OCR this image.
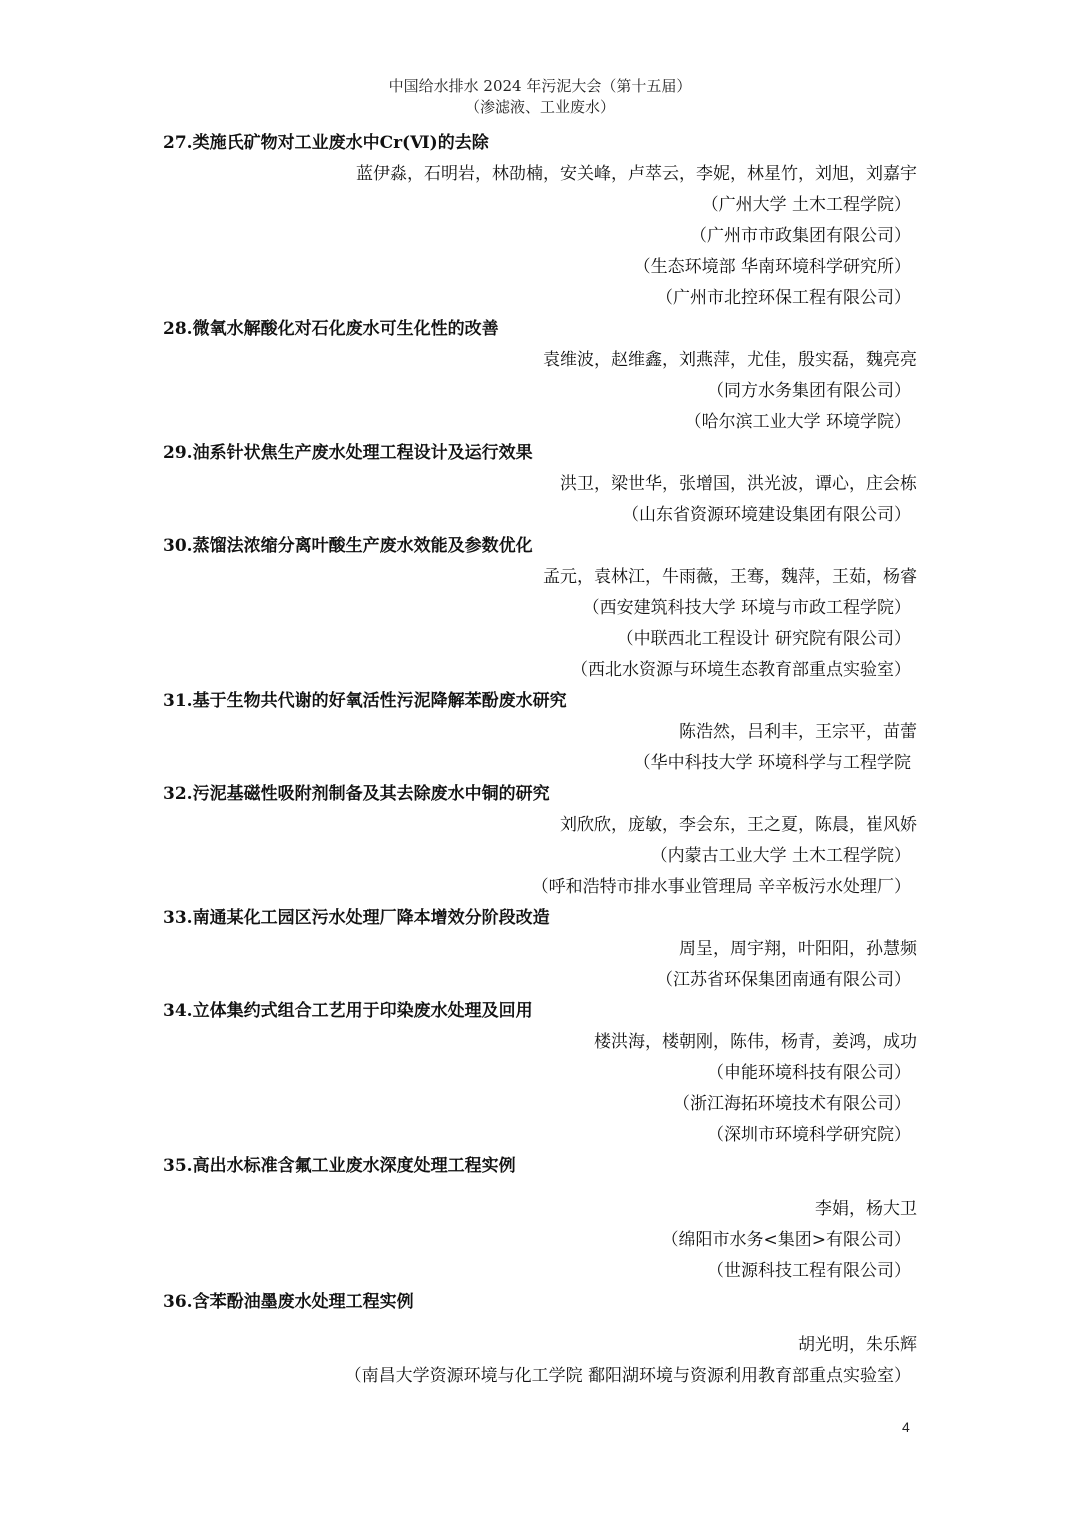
中国给水排水 2024 年污泥大会（第十五届）
（渗滤液、工业废水）
27.类施氏矿物对工业废水中Cr(Ⅵ)的去除
蓝伊淼，石明岩，林劭楠，安关峰，卢萃云，李妮，林星竹，刘旭，刘嘉宇
（广州大学 土木工程学院）
（广州市市政集团有限公司）
（生态环境部 华南环境科学研究所）
（广州市北控环保工程有限公司）
28.微氧水解酸化对石化废水可生化性的改善
袁维波，赵维鑫，刘燕萍，尤佳，殷实磊，魏亮亮
（同方水务集团有限公司）
（哈尔滨工业大学 环境学院）
29.油系针状焦生产废水处理工程设计及运行效果
洪卫，梁世华，张增国，洪光波，谭心，庄会栋
（山东省资源环境建设集团有限公司）
30.蒸馏法浓缩分离叶酸生产废水效能及参数优化
孟元，袁林江，牛雨薇，王骞，魏萍，王茹，杨睿
（西安建筑科技大学 环境与市政工程学院）
（中联西北工程设计 研究院有限公司）
（西北水资源与环境生态教育部重点实验室）
31.基于生物共代谢的好氧活性污泥降解苯酚废水研究
陈浩然，吕利丰，王宗平，苗蕾
（华中科技大学 环境科学与工程学院
32.污泥基磁性吸附剂制备及其去除废水中铜的研究
刘欣欣，庞敏，李会东，王之夏，陈晨，崔风娇
（内蒙古工业大学 土木工程学院）
（呼和浩特市排水事业管理局 辛辛板污水处理厂）
33.南通某化工园区污水处理厂降本增效分阶段改造
周呈，周宇翔，叶阳阳，孙慧频
（江苏省环保集团南通有限公司）
34.立体集约式组合工艺用于印染废水处理及回用
楼洪海，楼朝刚，陈伟，杨青，姜鸿，成功
（申能环境科技有限公司）
（浙江海拓环境技术有限公司）
（深圳市环境科学研究院）
35.高出水标准含氟工业废水深度处理工程实例
李娟，杨大卫
（绵阳市水务<集团>有限公司）
（世源科技工程有限公司）
36.含苯酚油墨废水处理工程实例
胡光明，朱乐辉
（南昌大学资源环境与化工学院 鄱阳湖环境与资源利用教育部重点实验室）
4
